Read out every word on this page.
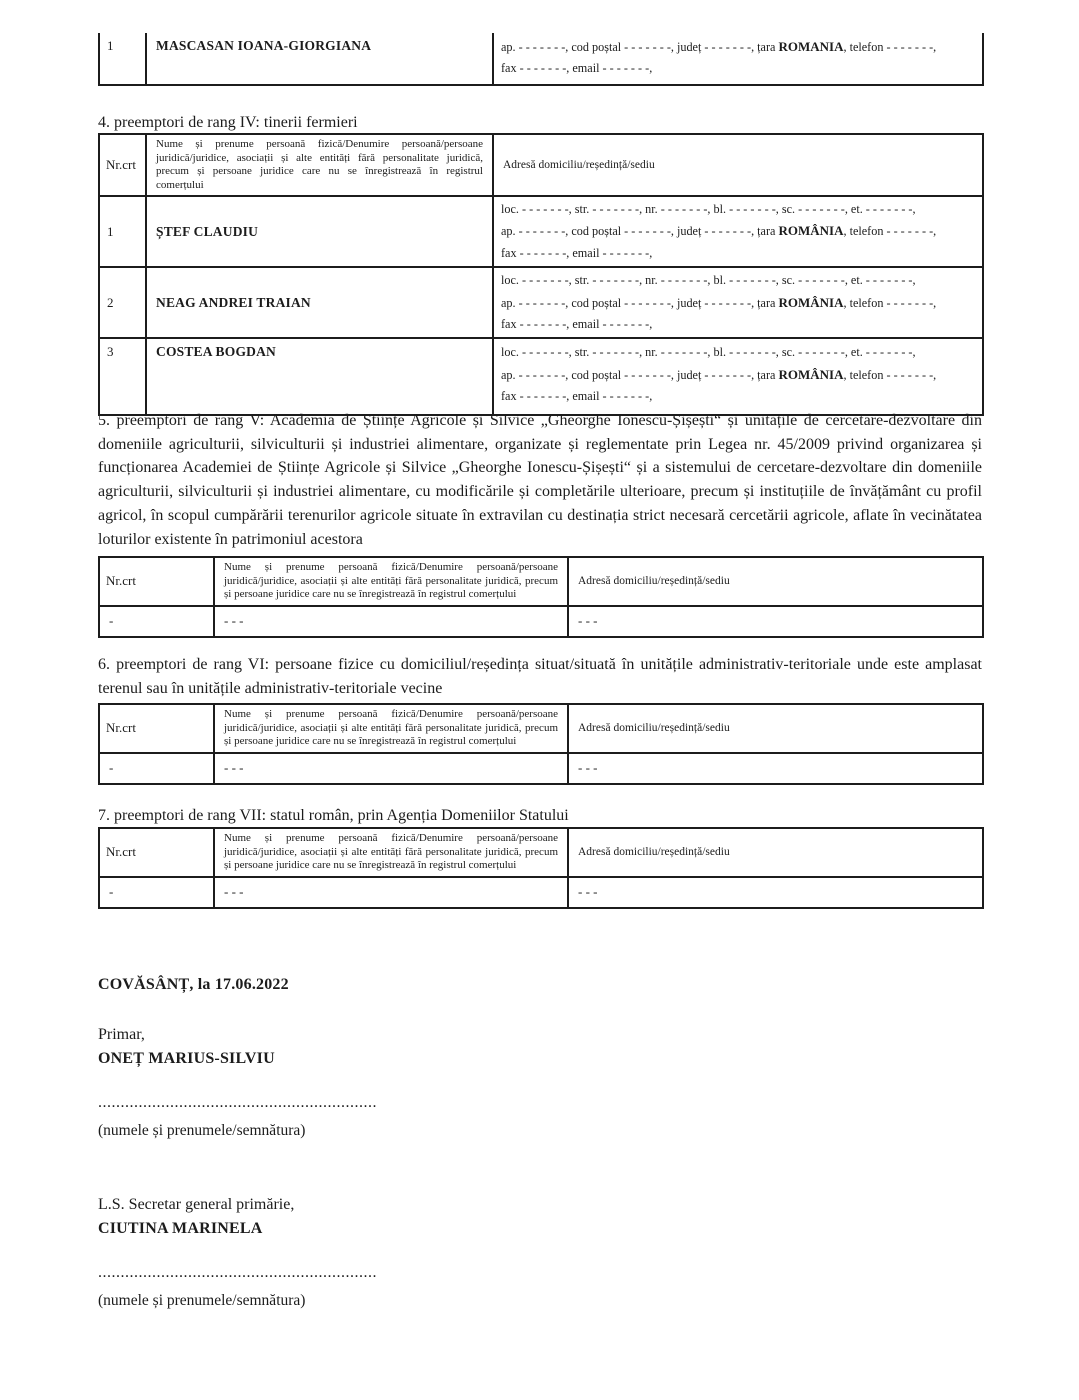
1	MASCASAN IOANA-GIORGIANA	ap. - - - - - - -, cod poștal - - - - - - -, județ - - - - - - -, țara ROMANIA, telefon - - - - - - -,
fax - - - - - - -, email - - - - - - -,
4. preemptori de rang IV: tinerii fermieri
Nr.crt	Nume și prenume persoană fizică/Denumire persoană/persoane juridică/juridice, asociații și alte entități fără personalitate juridică, precum și persoane juridice care nu se înregistrează în registrul comerțului	Adresă domiciliu/reședință/sediu
1	ȘTEF CLAUDIU	loc. - - - - - - -, str. - - - - - - -, nr. - - - - - - -, bl. - - - - - - -, sc. - - - - - - -, et. - - - - - - -,
ap. - - - - - - -, cod poștal - - - - - - -, județ - - - - - - -, țara ROMÂNIA, telefon - - - - - - -,
fax - - - - - - -, email - - - - - - -,

2	NEAG ANDREI TRAIAN	loc. - - - - - - -, str. - - - - - - -, nr. - - - - - - -, bl. - - - - - - -, sc. - - - - - - -, et. - - - - - - -,
ap. - - - - - - -, cod poștal - - - - - - -, județ - - - - - - -, țara ROMÂNIA, telefon - - - - - - -,
fax - - - - - - -, email - - - - - - -,

3	COSTEA BOGDAN	loc. - - - - - - -, str. - - - - - - -, nr. - - - - - - -, bl. - - - - - - -, sc. - - - - - - -, et. - - - - - - -,
ap. - - - - - - -, cod poștal - - - - - - -, județ - - - - - - -, țara ROMÂNIA, telefon - - - - - - -,
fax - - - - - - -, email - - - - - - -,
5. preemptori de rang V: Academia de Științe Agricole și Silvice „Gheorghe Ionescu-Șișești“ și unitățile de cercetare-dezvoltare din domeniile agriculturii, silviculturii și industriei alimentare, organizate și reglementate prin Legea nr. 45/2009 privind organizarea și funcționarea Academiei de Științe Agricole și Silvice „Gheorghe Ionescu-Șișești“ și a sistemului de cercetare-dezvoltare din domeniile agriculturii, silviculturii și industriei alimentare, cu modificările și completările ulterioare, precum și instituțiile de învățământ cu profil agricol, în scopul cumpărării terenurilor agricole situate în extravilan cu destinația strict necesară cercetării agricole, aflate în vecinătatea loturilor existente în patrimoniul acestora
Nr.crt	Nume și prenume persoană fizică/Denumire persoană/persoane juridică/juridice, asociații și alte entități fără personalitate juridică, precum și persoane juridice care nu se înregistrează în registrul comerțului	Adresă domiciliu/reședință/sediu
-	- - -	- - -
6. preemptori de rang VI: persoane fizice cu domiciliul/reședința situat/situată în unitățile administrativ-teritoriale unde este amplasat terenul sau în unitățile administrativ-teritoriale vecine
Nr.crt	Nume și prenume persoană fizică/Denumire persoană/persoane juridică/juridice, asociații și alte entități fără personalitate juridică, precum și persoane juridice care nu se înregistrează în registrul comerțului	Adresă domiciliu/reședință/sediu
-	- - -	- - -
7. preemptori de rang VII: statul român, prin Agenția Domeniilor Statului
Nr.crt	Nume și prenume persoană fizică/Denumire persoană/persoane juridică/juridice, asociații și alte entități fără personalitate juridică, precum și persoane juridice care nu se înregistrează în registrul comerțului	Adresă domiciliu/reședință/sediu
-	- - -	- - -
COVĂSÂNȚ, la 17.06.2022
Primar,
ONEȚ MARIUS-SILVIU
..............................................................
(numele și prenumele/semnătura)
L.S. Secretar general primărie,
CIUTINA MARINELA
..............................................................
(numele și prenumele/semnătura)
